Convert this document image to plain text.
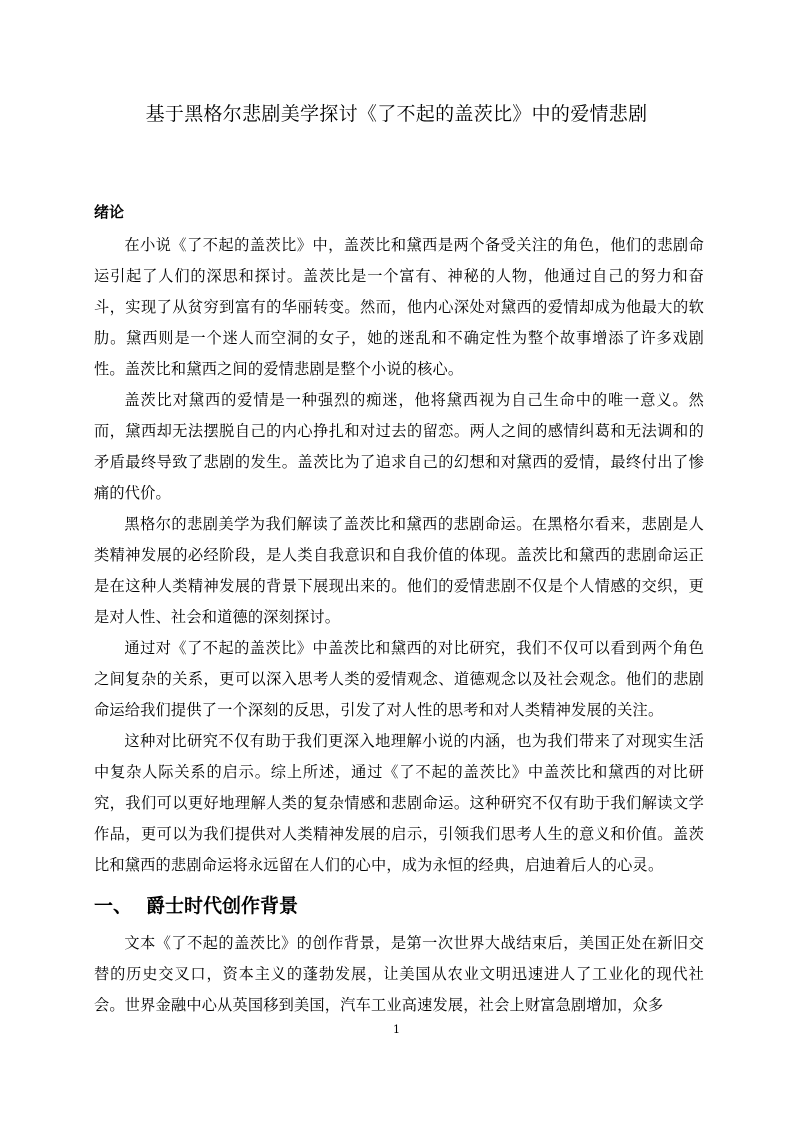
基于黑格尔悲剧美学探讨《了不起的盖茨比》中的爱情悲剧
绪论

在小说《了不起的盖茨比》中，盖茨比和黛西是两个备受关注的角色，他们的悲剧命运引起了人们的深思和探讨。盖茨比是一个富有、神秘的人物，他通过自己的努力和奋斗，实现了从贫穷到富有的华丽转变。然而，他内心深处对黛西的爱情却成为他最大的软肋。黛西则是一个迷人而空洞的女子，她的迷乱和不确定性为整个故事增添了许多戏剧性。盖茨比和黛西之间的爱情悲剧是整个小说的核心。

盖茨比对黛西的爱情是一种强烈的痴迷，他将黛西视为自己生命中的唯一意义。然而，黛西却无法摆脱自己的内心挣扎和对过去的留恋。两人之间的感情纠葛和无法调和的矛盾最终导致了悲剧的发生。盖茨比为了追求自己的幻想和对黛西的爱情，最终付出了惨痛的代价。

黑格尔的悲剧美学为我们解读了盖茨比和黛西的悲剧命运。在黑格尔看来，悲剧是人类精神发展的必经阶段，是人类自我意识和自我价值的体现。盖茨比和黛西的悲剧命运正是在这种人类精神发展的背景下展现出来的。他们的爱情悲剧不仅是个人情感的交织，更是对人性、社会和道德的深刻探讨。

通过对《了不起的盖茨比》中盖茨比和黛西的对比研究，我们不仅可以看到两个角色之间复杂的关系，更可以深入思考人类的爱情观念、道德观念以及社会观念。他们的悲剧命运给我们提供了一个深刻的反思，引发了对人性的思考和对人类精神发展的关注。

这种对比研究不仅有助于我们更深入地理解小说的内涵，也为我们带来了对现实生活中复杂人际关系的启示。综上所述，通过《了不起的盖茨比》中盖茨比和黛西的对比研究，我们可以更好地理解人类的复杂情感和悲剧命运。这种研究不仅有助于我们解读文学作品，更可以为我们提供对人类精神发展的启示，引领我们思考人生的意义和价值。盖茨比和黛西的悲剧命运将永远留在人们的心中，成为永恒的经典，启迪着后人的心灵。

一、 爵士时代创作背景

文本《了不起的盖茨比》的创作背景，是第一次世界大战结束后，美国正处在新旧交替的历史交叉口，资本主义的蓬勃发展，让美国从农业文明迅速进人了工业化的现代社会。世界金融中心从英国移到美国，汽车工业高速发展，社会上财富急剧增加，众多

1
